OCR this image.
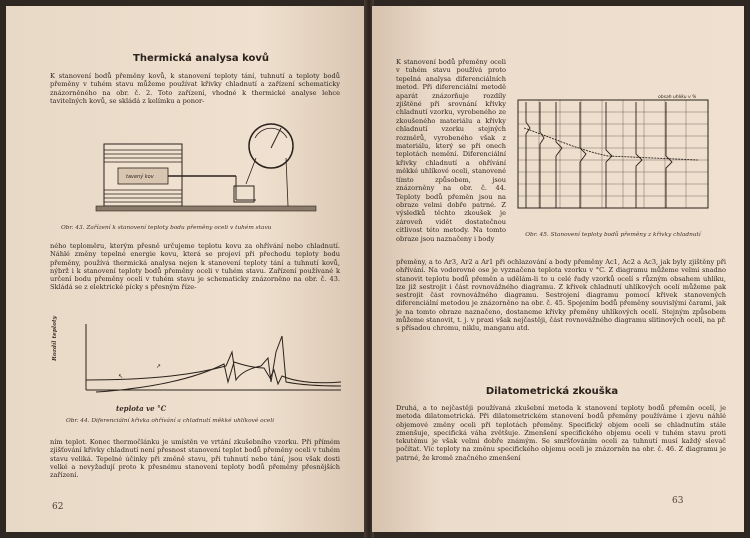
Thermická analysa kovů
K stanovení bodů přeměny kovů, k stanovení teploty tání, tuhnutí a teploty bodů přeměny v tuhém stavu můžeme používat křivky chladnutí a zařízení schematicky znázorněného na obr. č. 2. Toto zařízení, vhodné k thermické analyse lehce tavitelných kovů, se skládá z kelímku a ponor-
tavený kov
Obr. 43. Zařízení k stanovení teploty bodu přeměny oceli v tuhém stavu
ného teploměru, kterým přesně určujeme teplotu kovu za ohřívání nebo chladnutí. Náhlé změny tepelné energie kovu, která se projeví při přechodu teploty bodu přeměny, používá thermická analysa nejen k stanovení teploty tání a tuhnutí kovů, nýbrž i k stanovení teploty bodů přeměny oceli v tuhém stavu. Zařízení používané k určení bodu přeměny oceli v tuhém stavu je schematicky znázorněno na obr. č. 43. Skládá se z elektrické pícky s přesným říze-
↖
↗
Rozdíl teploty
teplota ve °C
Obr. 44. Diferenciální křivka ohřívání a chladnutí měkké uhlíkové oceli
ním teplot. Konec thermočlánku je umístěn ve vrtání zkušebního vzorku. Při přímém zjišťování křivky chladnutí není přesnost stanovení teplot bodů přeměny oceli v tuhém stavu veliká. Tepelné účinky při změně stavu, při tuhnutí nebo tání, jsou však dosti velké a nevyžadují proto k přesnému stanovení teploty bodů přeměny přesnějších zařízení.
62
K stanovení bodů přeměny oceli v tuhém stavu používá proto tepelná analysa diferenciálních metod. Při diferenciální metodě aparát znázorňuje rozdíly zjištěné při srovnání křivky chladnutí vzorku, vyrobeného ze zkoušeného materiálu a křivky chladnutí vzorku stejných rozměrů, vyrobeného však z materiálu, který se při onech teplotách nemění. Diferenciální křivky chladnutí a ohřívání měkké uhlíkové oceli, stanovené tímto způsobem, jsou znázorněny na obr. č. 44. Teploty bodů přeměn jsou na obraze velmi dobře patrné. Z výsledků těchto zkoušek je zároveň vidět dostatečnou citlivost této metody. Na tomto obraze jsou naznačeny i body
obsah uhlíku v %
Obr. 45. Stanovení teploty bodů přeměny z křivky chladnutí
přeměny, a to Ar3, Ar2 a Ar1 při ochlazování a body přeměny Ac1, Ac2 a Ac3, jak byly zjištěny při ohřívání. Na vodorovné ose je vyznačena teplota vzorku v °C. Z diagramu můžeme velmi snadno stanovit teplotu bodů přeměn a udělám-li to u celé řady vzorků ocelí s různým obsahem uhlíku, lze již sestrojit i část rovnovážného diagramu. Z křivek chladnutí uhlíkových ocelí můžeme pak sestrojit část rovnovážného diagramu. Sestrojení diagramu pomocí křivek stanovených diferenciální metodou je znázorněno na obr. č. 45. Spojením bodů přeměny souvislými čarami, jak je na tomto obraze naznačeno, dostaneme křivky přeměny uhlíkových ocelí. Stejným způsobem můžeme stanovit, t. j. v praxi však nejčastěji, část rovnovážného diagramu slitinových ocelí, na př. s přísadou chromu, niklu, manganu atd.
Dilatometrická zkouška
Druhá, a to nejčastěji používaná zkušební metoda k stanovení teploty bodů přeměn ocelí, je metoda dilatometrická. Při dilatometrickém stanovení bodů přeměny používáme i zjevu náhlé objemové změny oceli při teplotách přeměny. Specifický objem oceli se chladnutím stále zmenšuje, specifická váha zvětšuje. Zmenšení specifického objemu oceli v tuhém stavu proti tekutému je však velmi dobře známým. Se smršťováním oceli za tuhnutí musí každý slevač počítat. Víc teploty na změnu specifického objemu oceli je znázorněn na obr. č. 46. Z diagramu je patrné, že kromě značného zmenšení
63
